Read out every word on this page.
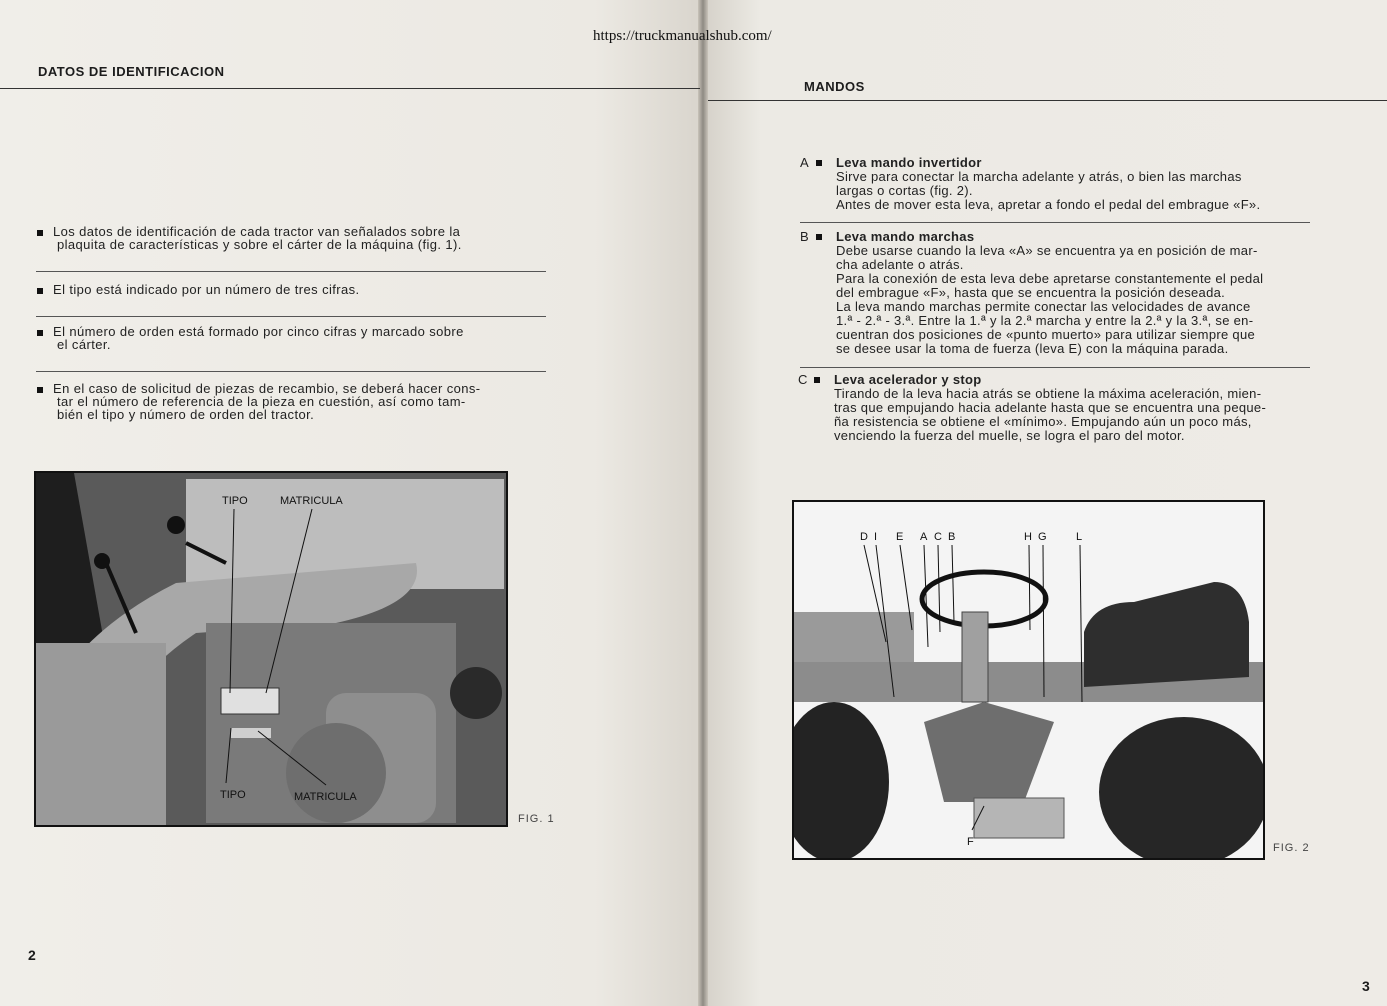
https://truckmanualshub.com/
DATOS DE IDENTIFICACION
Los datos de identificación de cada tractor van señalados sobre la
plaquita de características y sobre el cárter de la máquina (fig. 1).
El tipo está indicado por un número de tres cifras.
El número de orden está formado por cinco cifras y marcado sobre
el cárter.
En el caso de solicitud de piezas de recambio, se deberá hacer cons-
tar el número de referencia de la pieza en cuestión, así como tam-
bién el tipo y número de orden del tractor.
TIPO	MATRICULA
TIPO	MATRICULA
FIG. 1
2
MANDOS
A Leva mando invertidor
Sirve para conectar la marcha adelante y atrás, o bien las marchas
largas o cortas (fig. 2).
Antes de mover esta leva, apretar a fondo el pedal del embrague «F».
B Leva mando marchas
Debe usarse cuando la leva «A» se encuentra ya en posición de mar-
cha adelante o atrás.
Para la conexión de esta leva debe apretarse constantemente el pedal
del embrague «F», hasta que se encuentra la posición deseada.
La leva mando marchas permite conectar las velocidades de avance
1.ª - 2.ª - 3.ª. Entre la 1.ª y la 2.ª marcha y entre la 2.ª y la 3.ª, se en-
cuentran dos posiciones de «punto muerto» para utilizar siempre que
se desee usar la toma de fuerza (leva E) con la máquina parada.
C Leva acelerador y stop
Tirando de la leva hacia atrás se obtiene la máxima aceleración, mien-
tras que empujando hacia adelante hasta que se encuentra una peque-
ña resistencia se obtiene el «mínimo». Empujando aún un poco más,
venciendo la fuerza del muelle, se logra el paro del motor.
D I E A C B	H G	L
F	FIG. 2
3
